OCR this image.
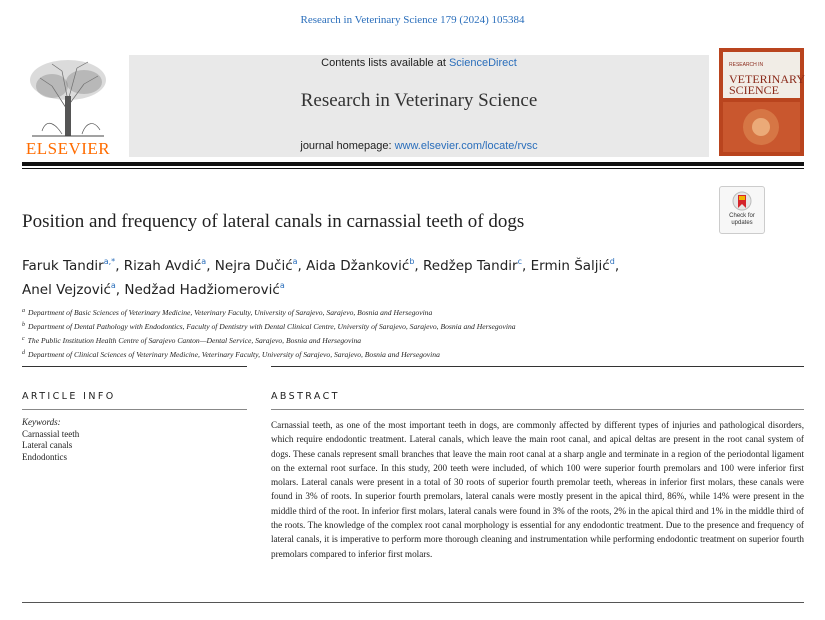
Research in Veterinary Science 179 (2024) 105384
ELSEVIER
Contents lists available at ScienceDirect
Research in Veterinary Science
journal homepage: www.elsevier.com/locate/rvsc
RESEARCH IN
VETERINARY
SCIENCE
Position and frequency of lateral canals in carnassial teeth of dogs	Check for
updates
Faruk Tandir$^{a,*}$, Rizah Avdić$^a$, Nejra Dučić$^a$, Aida Džanković$^b$, Redžep Tandir$^c$, Ermin Šaljić$^d$,
Anel Vejzović$^a$, Nedžad Hadžiomerović$^a$
$^a$ Department of Basic Sciences of Veterinary Medicine, Veterinary Faculty, University of Sarajevo, Sarajevo, Bosnia and Hersegovina
$^b$ Department of Dental Pathology with Endodontics, Faculty of Dentistry with Dental Clinical Centre, University of Sarajevo, Sarajevo, Bosnia and Hersegovina
$^c$ The Public Institution Health Centre of Sarajevo Canton—Dental Service, Sarajevo, Bosnia and Hersegovina
$^d$ Department of Clinical Sciences of Veterinary Medicine, Veterinary Faculty, University of Sarajevo, Sarajevo, Bosnia and Hersegovina
ARTICLE INFO	ABSTRACT
Keywords:
Carnassial teeth
Lateral canals
Endodontics
Carnassial teeth, as one of the most important teeth in dogs, are commonly affected by different types of injuries and pathological disorders, which require endodontic treatment. Lateral canals, which leave the main root canal, and apical deltas are present in the root canal system of dogs. These canals represent small branches that leave the main root canal at a sharp angle and terminate in a region of the periodontal ligament on the external root surface. In this study, 200 teeth were included, of which 100 were superior fourth premolars and 100 were inferior first molars. Lateral canals were present in a total of 30 roots of superior fourth premolar teeth, whereas in inferior first molars, these canals were found in 3% of roots. In superior fourth premolars, lateral canals were mostly present in the apical third, 86%, while 14% were present in the middle third of the root. In inferior first molars, lateral canals were found in 3% of the roots, 2% in the apical third and 1% in the middle third of the roots. The knowledge of the complex root canal morphology is essential for any endodontic treatment. Due to the presence and frequency of lateral canals, it is imperative to perform more thorough cleaning and instrumentation while performing endodontic treatment on superior fourth premolars compared to inferior first molars.
